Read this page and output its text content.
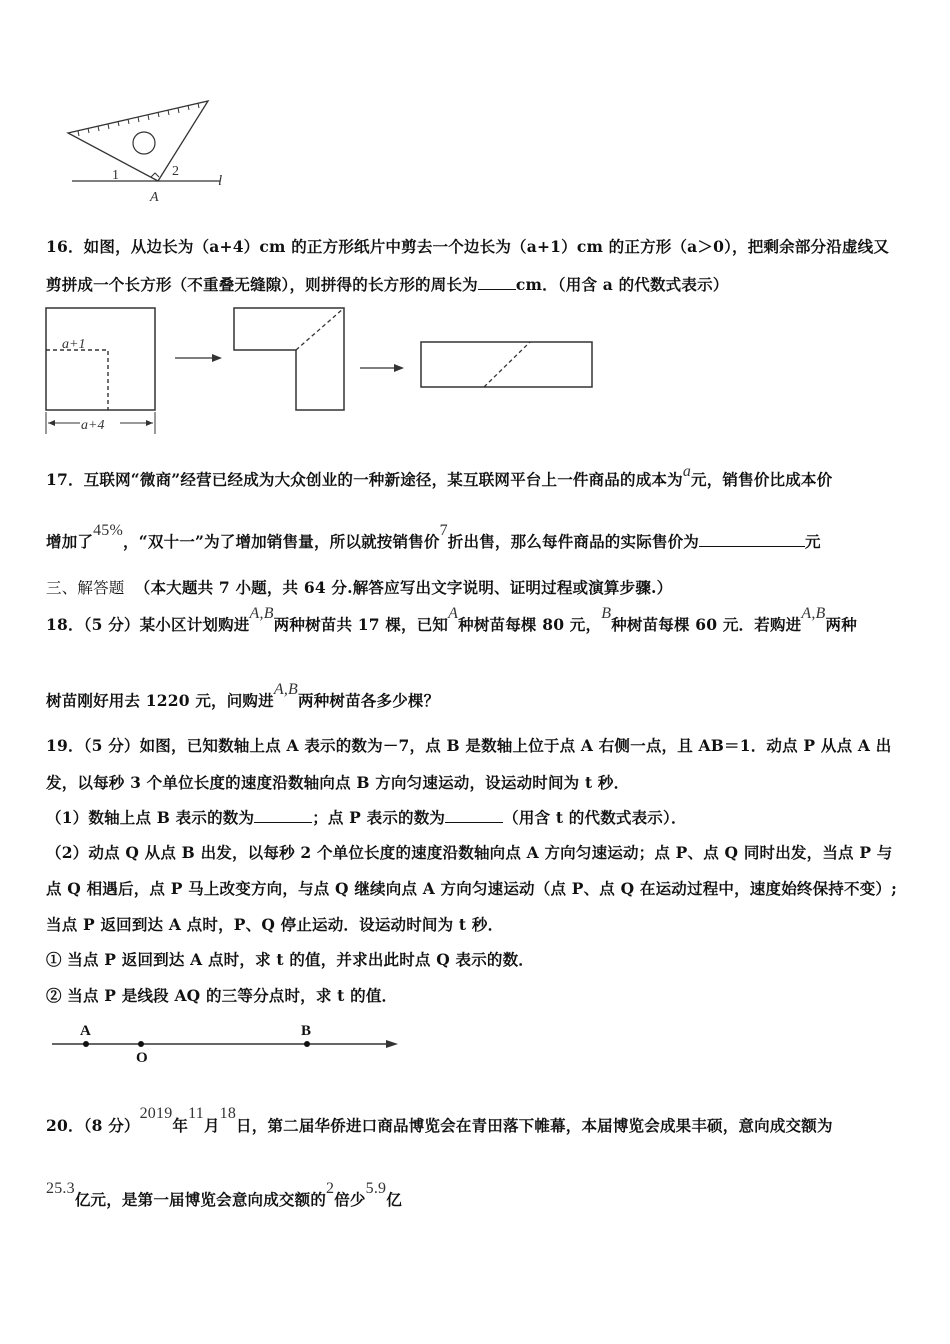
1	2
A
l
16．如图，从边长为（a+4）cm 的正方形纸片中剪去一个边长为（a+1）cm 的正方形（a＞0），把剩余部分沿虚线又
剪拼成一个长方形（不重叠无缝隙），则拼得的长方形的周长为 cm．（用含 a 的代数式表示）
a+1
a+4
17．互联网“微商”经营已经成为大众创业的一种新途径，某互联网平台上一件商品的成本为a元，销售价比成本价
增加了45%，“双十一”为了增加销售量，所以就按销售价7折出售，那么每件商品的实际售价为	元
三、解答题 （本大题共 7 小题，共 64 分.解答应写出文字说明、证明过程或演算步骤.）
18．（5 分）某小区计划购进A,B两种树苗共 17 棵，已知A种树苗每棵 80 元，B种树苗每棵 60 元．若购进A,B两种
树苗刚好用去 1220 元，问购进A,B两种树苗各多少棵？
19．（5 分）如图，已知数轴上点 A 表示的数为－7，点 B 是数轴上位于点 A 右侧一点，且 AB＝1．动点 P 从点 A 出
发，以每秒 3 个单位长度的速度沿数轴向点 B 方向匀速运动，设运动时间为 t 秒．
（1）数轴上点 B 表示的数为	；点 P 表示的数为	（用含 t 的代数式表示）．
（2）动点 Q 从点 B 出发，以每秒 2 个单位长度的速度沿数轴向点 A 方向匀速运动；点 P、点 Q 同时出发，当点 P 与
点 Q 相遇后，点 P 马上改变方向，与点 Q 继续向点 A 方向匀速运动（点 P、点 Q 在运动过程中，速度始终保持不变）;
当点 P 返回到达 A 点时，P、Q 停止运动．设运动时间为 t 秒．
① 当点 P 返回到达 A 点时，求 t 的值，并求出此时点 Q 表示的数．
② 当点 P 是线段 AQ 的三等分点时，求 t 的值．
A
O
B
20．（8 分）2019年11月18日，第二届华侨进口商品博览会在青田落下帷幕，本届博览会成果丰硕，意向成交额为
25.3亿元，是第一届博览会意向成交额的2倍少5.9亿
